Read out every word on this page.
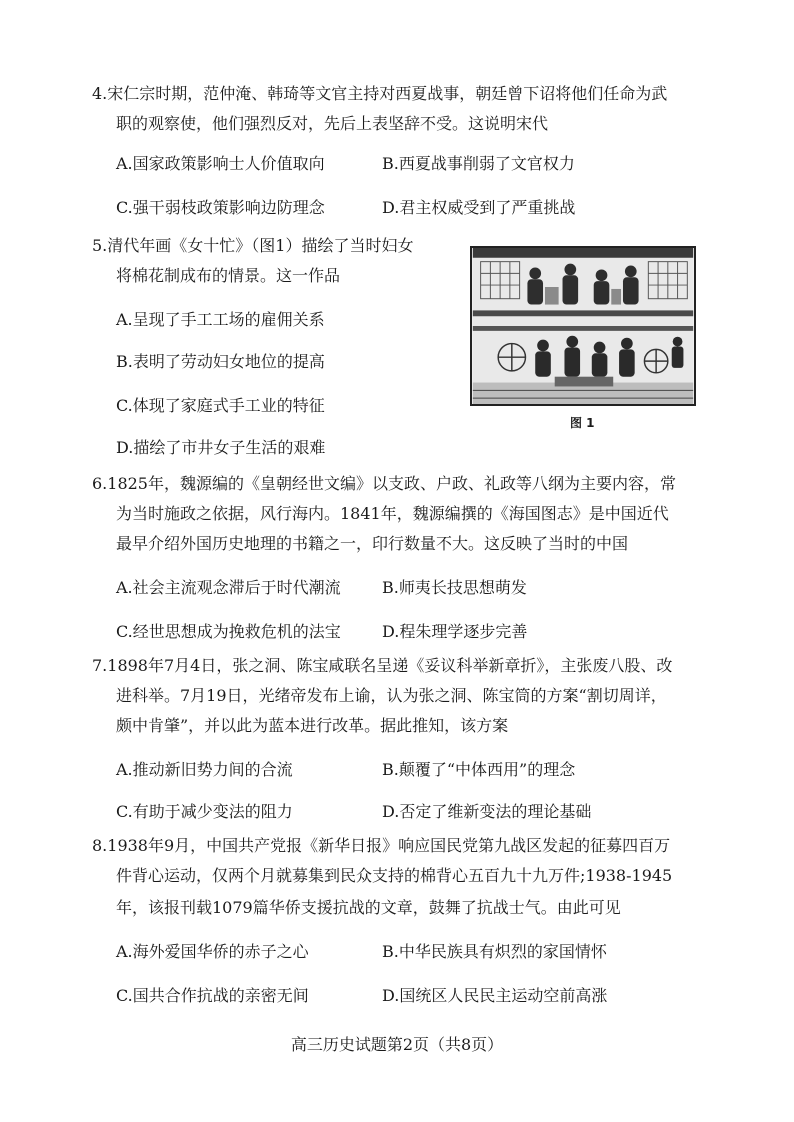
4.宋仁宗时期，范仲淹、韩琦等文官主持对西夏战事，朝廷曾下诏将他们任命为武
职的观察使，他们强烈反对，先后上表坚辞不受。这说明宋代
A.国家政策影响士人价值取向	B.西夏战事削弱了文官权力
C.强干弱枝政策影响边防理念	D.君主权威受到了严重挑战
5.清代年画《女十忙》（图1）描绘了当时妇女
将棉花制成布的情景。这一作品
A.呈现了手工工场的雇佣关系
B.表明了劳动妇女地位的提高
C.体现了家庭式手工业的特征
D.描绘了市井女子生活的艰难
图 1
6.1825年，魏源编的《皇朝经世文编》以支政、户政、礼政等八纲为主要内容，常
为当时施政之依据，风行海内。1841年，魏源编撰的《海国图志》是中国近代
最早介绍外国历史地理的书籍之一，印行数量不大。这反映了当时的中国
A.社会主流观念滞后于时代潮流	B.师夷长技思想萌发
C.经世思想成为挽救危机的法宝	D.程朱理学逐步完善
7.1898年7月4日，张之洞、陈宝咸联名呈递《妥议科举新章折》，主张废八股、改
进科举。7月19日，光绪帝发布上谕，认为张之洞、陈宝筒的方案“割切周详，
颇中肯肇”，并以此为蓝本进行改革。据此推知，该方案
A.推动新旧势力间的合流	B.颠覆了“中体西用”的理念
C.有助于减少变法的阻力	D.否定了维新变法的理论基础
8.1938年9月，中国共产党报《新华日报》响应国民党第九战区发起的征募四百万
件背心运动，仅两个月就募集到民众支持的棉背心五百九十九万件;1938-1945
年，该报刊载1079篇华侨支援抗战的文章，鼓舞了抗战士气。由此可见
A.海外爱国华侨的赤子之心	B.中华民族具有炽烈的家国情怀
C.国共合作抗战的亲密无间	D.国统区人民民主运动空前高涨
高三历史试题第2页（共8页）
